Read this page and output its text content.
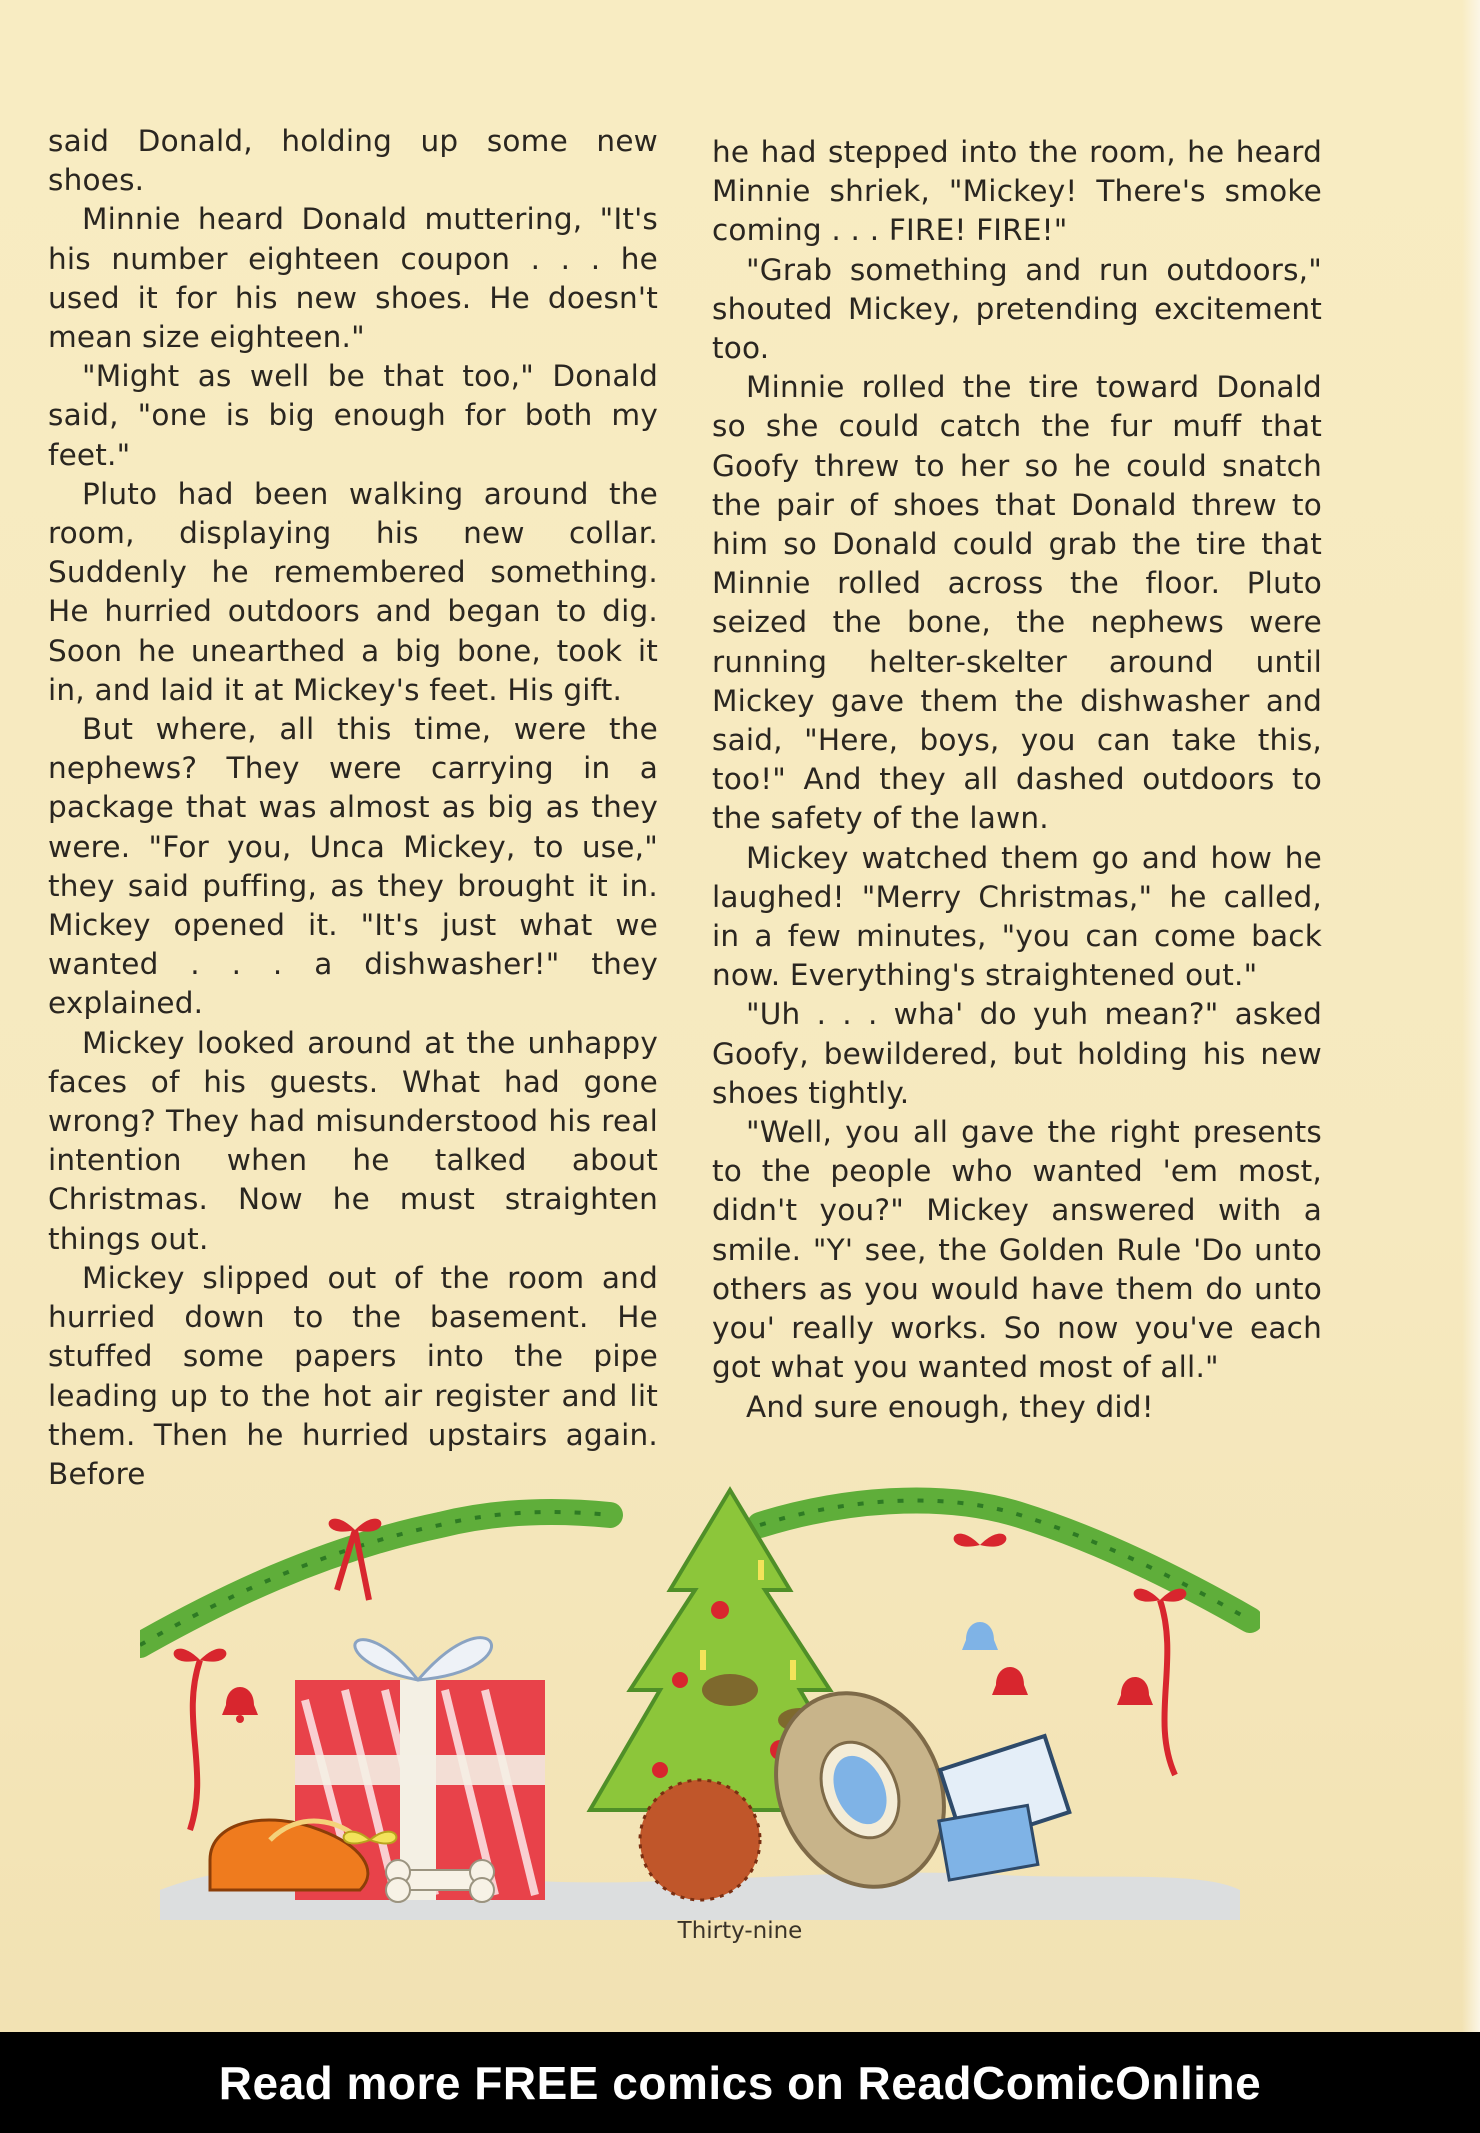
said Donald, holding up some new shoes.

Minnie heard Donald muttering, "It's his number eighteen coupon . . . he used it for his new shoes. He doesn't mean size eighteen."

"Might as well be that too," Donald said, "one is big enough for both my feet."

Pluto had been walking around the room, displaying his new collar. Suddenly he remembered something. He hurried outdoors and began to dig. Soon he unearthed a big bone, took it in, and laid it at Mickey's feet. His gift.

But where, all this time, were the nephews? They were carrying in a package that was almost as big as they were. "For you, Unca Mickey, to use," they said puffing, as they brought it in. Mickey opened it. "It's just what we wanted . . . a dishwasher!" they explained.

Mickey looked around at the unhappy faces of his guests. What had gone wrong? They had misunderstood his real intention when he talked about Christmas. Now he must straighten things out.

Mickey slipped out of the room and hurried down to the basement. He stuffed some papers into the pipe leading up to the hot air register and lit them. Then he hurried upstairs again. Before

he had stepped into the room, he heard Minnie shriek, "Mickey! There's smoke coming . . . FIRE! FIRE!"

"Grab something and run outdoors," shouted Mickey, pretending excitement too.

Minnie rolled the tire toward Donald so she could catch the fur muff that Goofy threw to her so he could snatch the pair of shoes that Donald threw to him so Donald could grab the tire that Minnie rolled across the floor. Pluto seized the bone, the nephews were running helter-skelter around until Mickey gave them the dishwasher and said, "Here, boys, you can take this, too!" And they all dashed outdoors to the safety of the lawn.

Mickey watched them go and how he laughed! "Merry Christmas," he called, in a few minutes, "you can come back now. Everything's straightened out."

"Uh . . . wha' do yuh mean?" asked Goofy, bewildered, but holding his new shoes tightly.

"Well, you all gave the right presents to the people who wanted 'em most, didn't you?" Mickey answered with a smile. "Y' see, the Golden Rule 'Do unto others as you would have them do unto you' really works. So now you've each got what you wanted most of all."

And sure enough, they did!

Thirty-nine
Read more FREE comics on ReadComicOnline
